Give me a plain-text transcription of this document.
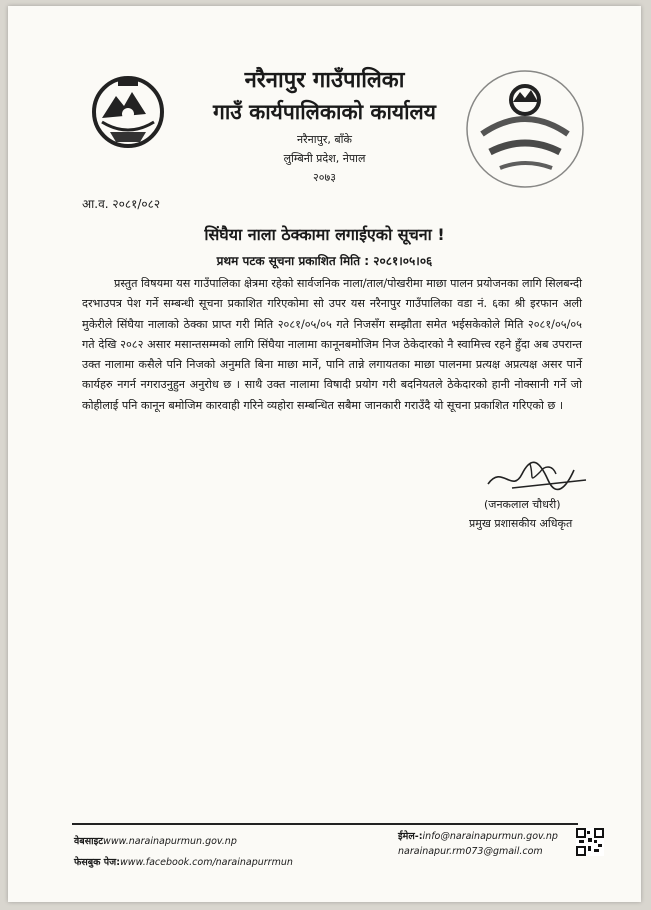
नरैनापुर गाउँपालिका
गाउँ कार्यपालिकाको कार्यालय
नरैनापुर, बाँके
लुम्बिनी प्रदेश, नेपाल
२०७३
आ.व. २०८१/०८२
सिंघैया नाला ठेक्कामा लगाईएको सूचना !
प्रथम पटक सूचना प्रकाशित मिति : २०८१।०५।०६
प्रस्तुत विषयमा यस गाउँपालिका क्षेत्रमा रहेको सार्वजनिक नाला/ताल/पोखरीमा माछा पालन प्रयोजनका लागि सिलबन्दी दरभाउपत्र पेश गर्ने सम्बन्धी सूचना प्रकाशित गरिएकोमा सो उपर यस नरैनापुर गाउँपालिका वडा नं. ६का श्री इरफान अली मुकेरीले सिंघैया नालाको ठेक्का प्राप्त गरी मिति २०८१/०५/०५ गते निजसँग सम्झौता समेत भईसकेकोले मिति २०८१/०५/०५ गते देखि २०८२ असार मसान्तसम्मको लागि सिंघैया नालामा कानूनबमोजिम निज ठेकेदारको नै स्वामित्त्व रहने हुँदा अब उपरान्त उक्त नालामा कसैले पनि निजको अनुमति बिना माछा मार्ने, पानि तान्ने लगायतका माछा पालनमा प्रत्यक्ष अप्रत्यक्ष असर पार्ने कार्यहरु नगर्न नगराउनुहुन अनुरोध छ । साथै उक्त नालामा विषादी प्रयोग गरी बदनियतले ठेकेदारको हानी नोक्सानी गर्ने जो कोहीलाई पनि कानून बमोजिम कारवाही गरिने व्यहोरा सम्बन्धित सबैमा जानकारी गराउँदै यो सूचना प्रकाशित गरिएको छ ।
(जनकलाल चौधरी)
प्रमुख प्रशासकीय अधिकृत
वेबसाइटwww.narainapurmun.gov.np
फेसबुक पेज:www.facebook.com/narainapurrmun
ईमेल-:info@narainapurmun.gov.np
narainapur.rm073@gmail.com
